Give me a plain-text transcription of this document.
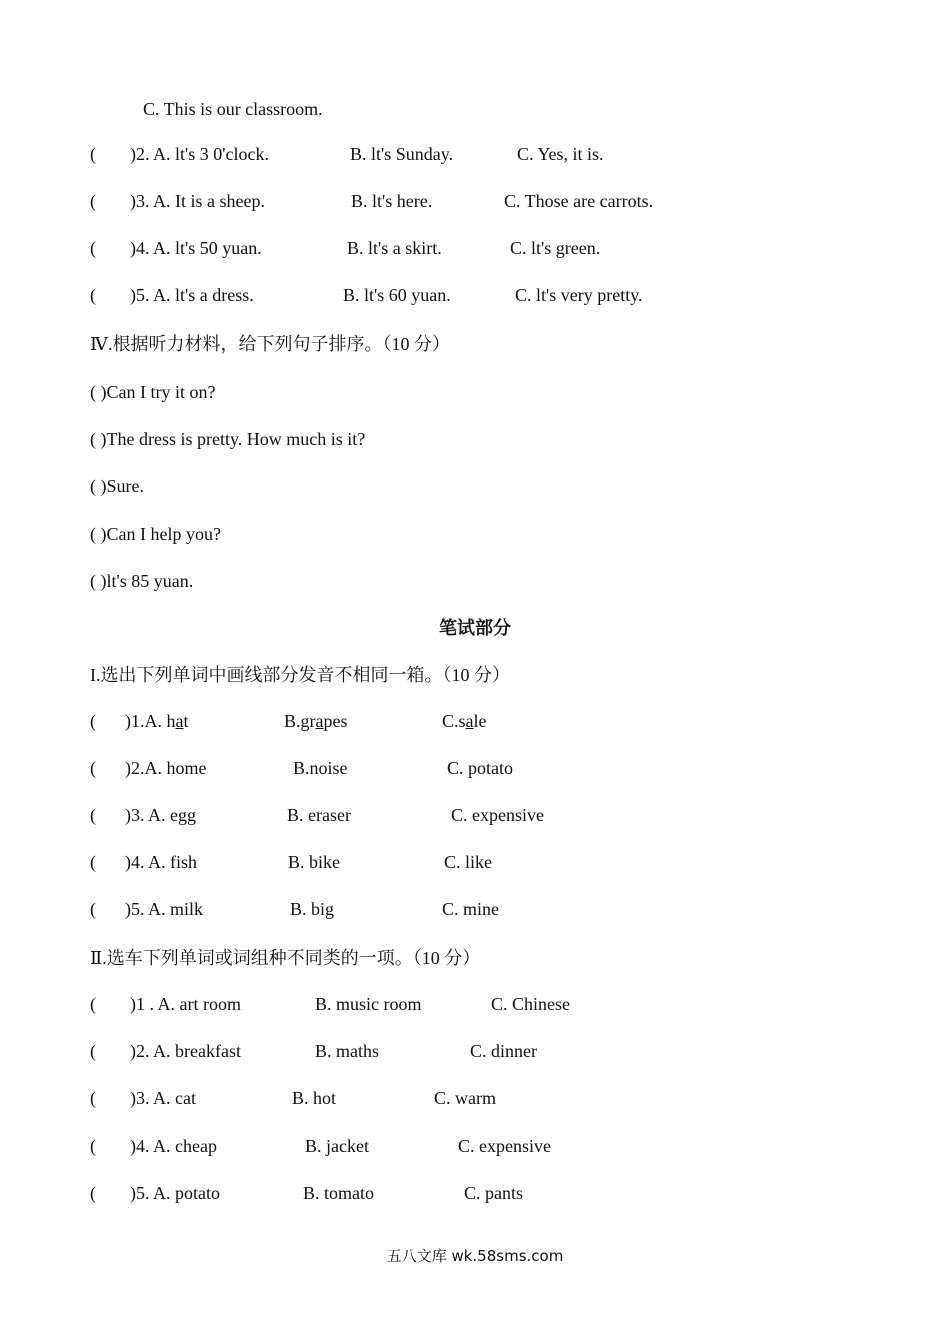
C. This is our classroom.
( )2. A. lt's 3 0'clock.	B. lt's Sunday.	C. Yes, it is.
( )3. A. It is a sheep.	B. lt's here.	C. Those are carrots.
( )4. A. lt's 50 yuan.	B. lt's a skirt.	C. lt's green.
( )5. A. lt's a dress.	B. lt's 60 yuan.	C. lt's very pretty.
Ⅳ.根据听力材料，给下列句子排序。（10 分）
( )Can I try it on?
( )The dress is pretty. How much is it?
( )Sure.
( )Can I help you?
( )lt's 85 yuan.
笔试部分
I.选出下列单词中画线部分发音不相同一箱。（10 分）
( )1.A. hat	B.grapes	C.sale
( )2.A. home	B.noise	C. potato
( )3. A. egg	B. eraser	C. expensive
( )4. A. fish	B. bike	C. like
( )5. A. milk	B. big	C. mine
Ⅱ.选车下列单词或词组种不同类的一项。（10 分）
( )1 . A. art room	B. music room	C. Chinese
( )2. A. breakfast	B. maths	C. dinner
( )3. A. cat	B. hot	C. warm
( )4. A. cheap	B. jacket	C. expensive
( )5. A. potato	B. tomato	C. pants
五八文库 wk.58sms.com
